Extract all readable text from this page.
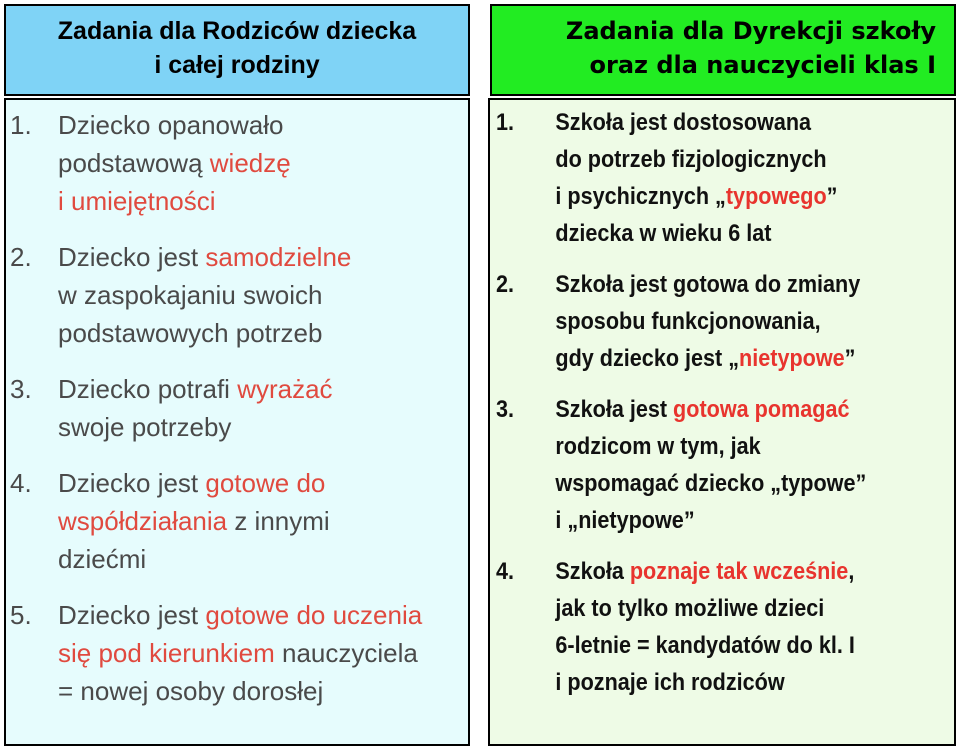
Zadania dla Rodziców dziecka
i całej rodziny
Zadania dla Dyrekcji szkoły
oraz dla nauczycieli klas I
1.	Dziecko opanowało
podstawową wiedzę
i umiejętności
2.	Dziecko jest samodzielne
w zaspokajaniu swoich
podstawowych potrzeb
3.	Dziecko potrafi wyrażać
swoje potrzeby
4.	Dziecko jest gotowe do
współdziałania z innymi
dziećmi
5.	Dziecko jest gotowe do uczenia
się pod kierunkiem nauczyciela
= nowej osoby dorosłej
1.	Szkoła jest dostosowana
do potrzeb fizjologicznych
i psychicznych „typowego”
dziecka w wieku 6 lat
2.	Szkoła jest gotowa do zmiany
sposobu funkcjonowania,
gdy dziecko jest „nietypowe”
3.	Szkoła jest gotowa pomagać
rodzicom w tym, jak
wspomagać dziecko „typowe”
i „nietypowe”
4.	Szkoła poznaje tak wcześnie,
jak to tylko możliwe dzieci
6-letnie = kandydatów do kl. I
i poznaje ich rodziców
